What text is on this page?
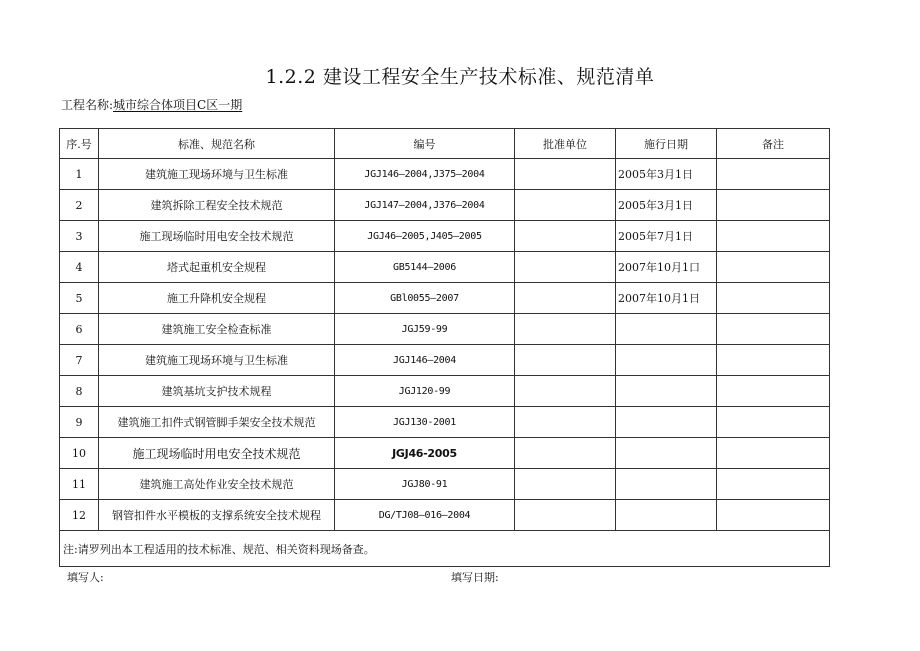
1.2.2 建设工程安全生产技术标准、规范清单
工程名称:城市综合体项目C区一期
序.号	标准、规范名称	编号	批准单位	施行日期	备注
1	建筑施工现场环境与卫生标准	JGJ146—2004,J375—2004		2005年3月1日	
2	建筑拆除工程安全技术规范	JGJ147—2004,J376—2004		2005年3月1日	
3	施工现场临时用电安全技术规范	JGJ46—2005,J405—2005		2005年7月1日	
4	塔式起重机安全规程	GB5144—2006		2007年10月1口	
5	施工升降机安全规程	GBl0055—2007		2007年10月1日	
6	建筑施工安全检查标准	JGJ59-99			
7	建筑施工现场环境与卫生标准	JGJ146—2004			
8	建筑基坑支护技术规程	JGJ120-99			
9	建筑施工扣件式钢管脚手架安全技术规范	JGJ130-2001			
10	施工现场临时用电安全技术规范	JGJ46-2005			
11	建筑施工高处作业安全技术规范	JGJ80-91			
12	钢管扣件水平模板的支撑系统安全技术规程	DG/TJ08—016—2004			
注:请罗列出本工程适用的技术标准、规范、相关资料现场备查。					
填写人:	填写日期:
